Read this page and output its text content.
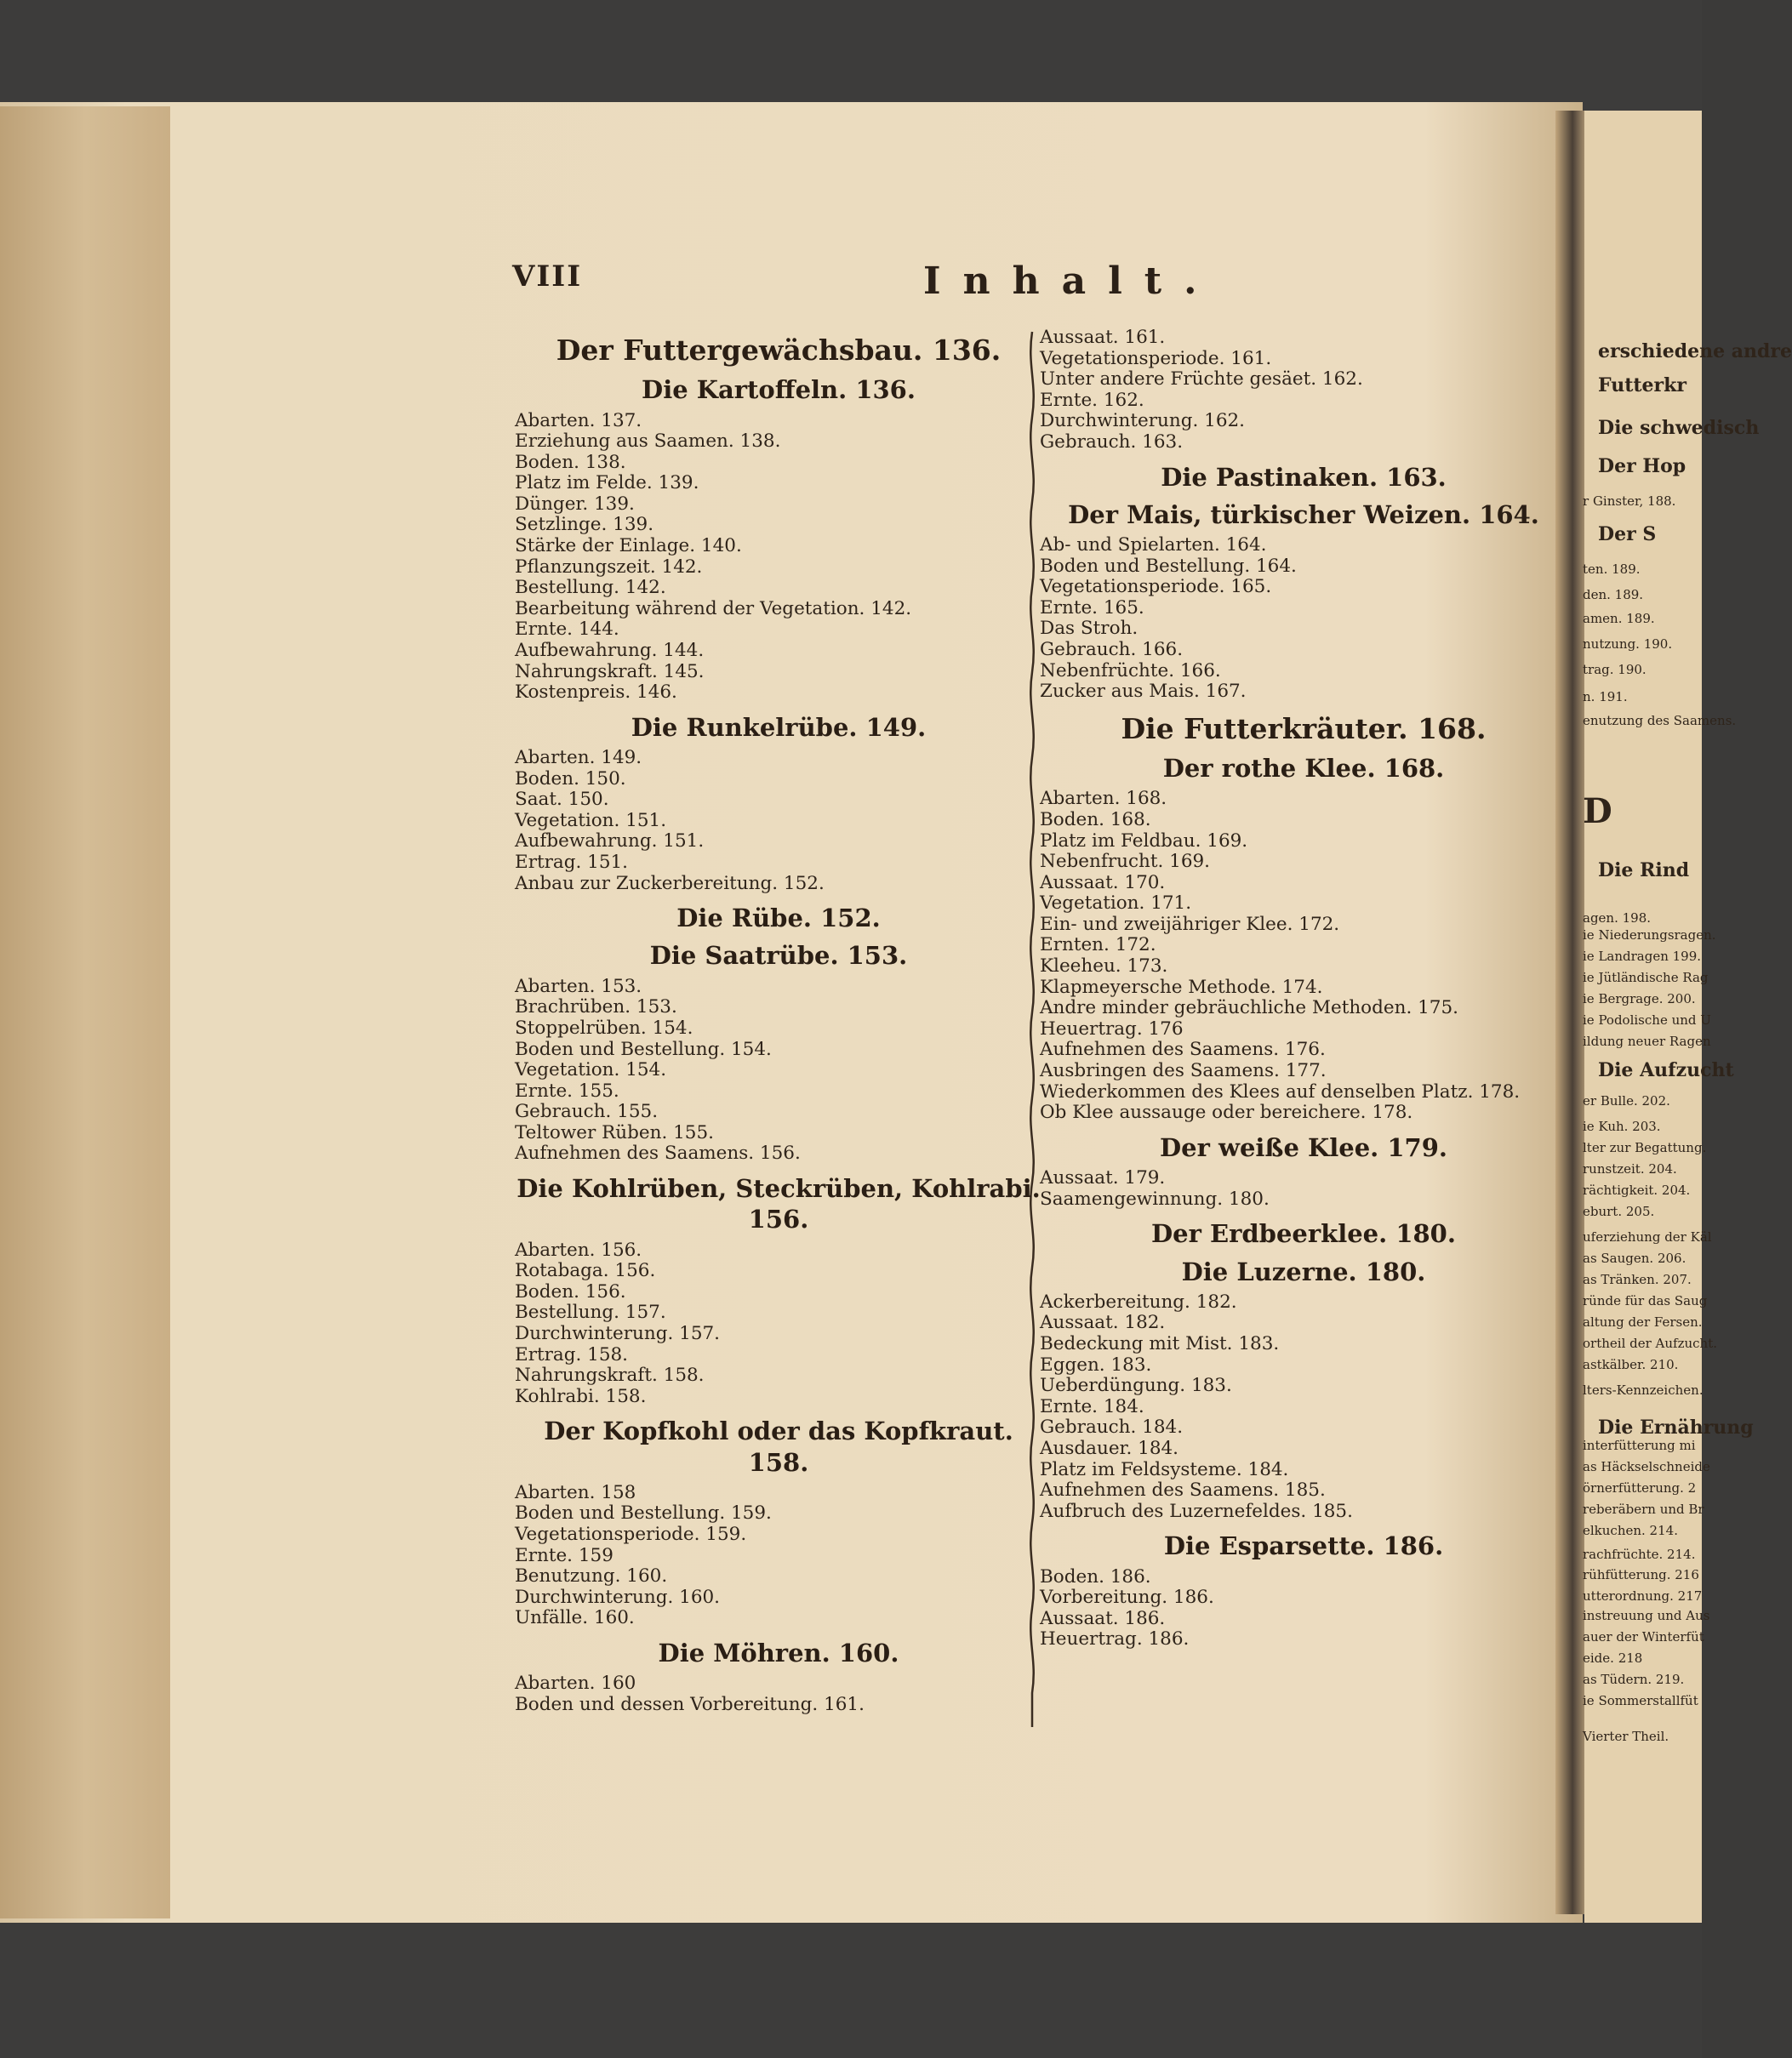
VIII	Inhalt.
Der Futtergewächsbau. 136.
Die Kartoffeln. 136.
Abarten. 137.
Erziehung aus Saamen. 138.
Boden. 138.
Platz im Felde. 139.
Dünger. 139.
Setzlinge. 139.
Stärke der Einlage. 140.
Pflanzungszeit. 142.
Bestellung. 142.
Bearbeitung während der Vegetation. 142.
Ernte. 144.
Aufbewahrung. 144.
Nahrungskraft. 145.
Kostenpreis. 146.
Die Runkelrübe. 149.
Abarten. 149.
Boden. 150.
Saat. 150.
Vegetation. 151.
Aufbewahrung. 151.
Ertrag. 151.
Anbau zur Zuckerbereitung. 152.
Die Rübe. 152.
Die Saatrübe. 153.
Abarten. 153.
Brachrüben. 153.
Stoppelrüben. 154.
Boden und Bestellung. 154.
Vegetation. 154.
Ernte. 155.
Gebrauch. 155.
Teltower Rüben. 155.
Aufnehmen des Saamens. 156.
Die Kohlrüben, Steckrüben, Kohlrabi. 156.
Abarten. 156.
Rotabaga. 156.
Boden. 156.
Bestellung. 157.
Durchwinterung. 157.
Ertrag. 158.
Nahrungskraft. 158.
Kohlrabi. 158.
Der Kopfkohl oder das Kopfkraut. 158.
Abarten. 158
Boden und Bestellung. 159.
Vegetationsperiode. 159.
Ernte. 159
Benutzung. 160.
Durchwinterung. 160.
Unfälle. 160.
Die Möhren. 160.
Abarten. 160
Boden und dessen Vorbereitung. 161.
Aussaat. 161.
Vegetationsperiode. 161.
Unter andere Früchte gesäet. 162.
Ernte. 162.
Durchwinterung. 162.
Gebrauch. 163.
Die Pastinaken. 163.
Der Mais, türkischer Weizen. 164.
Ab- und Spielarten. 164.
Boden und Bestellung. 164.
Vegetationsperiode. 165.
Ernte. 165.
Das Stroh.
Gebrauch. 166.
Nebenfrüchte. 166.
Zucker aus Mais. 167.
Die Futterkräuter. 168.
Der rothe Klee. 168.
Abarten. 168.
Boden. 168.
Platz im Feldbau. 169.
Nebenfrucht. 169.
Aussaat. 170.
Vegetation. 171.
Ein- und zweijähriger Klee. 172.
Ernten. 172.
Kleeheu. 173.
Klapmeyersche Methode. 174.
Andre minder gebräuchliche Methoden. 175.
Heuertrag. 176
Aufnehmen des Saamens. 176.
Ausbringen des Saamens. 177.
Wiederkommen des Klees auf denselben Platz. 178.
Ob Klee aussauge oder bereichere. 178.
Der weiße Klee. 179.
Aussaat. 179.
Saamengewinnung. 180.
Der Erdbeerklee. 180.
Die Luzerne. 180.
Ackerbereitung. 182.
Aussaat. 182.
Bedeckung mit Mist. 183.
Eggen. 183.
Ueberdüngung. 183.
Ernte. 184.
Gebrauch. 184.
Ausdauer. 184.
Platz im Feldsysteme. 184.
Aufnehmen des Saamens. 185.
Aufbruch des Luzernefeldes. 185.
Die Esparsette. 186.
Boden. 186.
Vorbereitung. 186.
Aussaat. 186.
Heuertrag. 186.
erschiedene andre
Futterkr
Die schwedisch
Der Hop
r Ginster, 188.
Der S
ten. 189.
den. 189.
amen. 189.
nutzung. 190.
trag. 190.
n. 191.
enutzung des Saamens.
D
Die Rind
agen. 198.
ie Niederungsragen.
ie Landragen 199.
ie Jütländische Rag
ie Bergrage. 200.
ie Podolische und U
ildung neuer Ragen
Die Aufzucht
er Bulle. 202.
ie Kuh. 203.
lter zur Begattung.
runstzeit. 204.
rächtigkeit. 204.
eburt. 205.
uferziehung der Käl
as Saugen. 206.
as Tränken. 207.
ründe für das Saug
altung der Fersen.
ortheil der Aufzucht.
astkälber. 210.
lters-Kennzeichen.
Die Ernährung
interfütterung mi
as Häckselschneide
örnerfütterung. 2
reberäbern und Br
elkuchen. 214.
rachfrüchte. 214.
rühfütterung. 216
utterordnung. 217
instreuung und Aus
auer der Winterfüt
eide. 218
as Tüdern. 219.
ie Sommerstallfüt
Vierter Theil.
